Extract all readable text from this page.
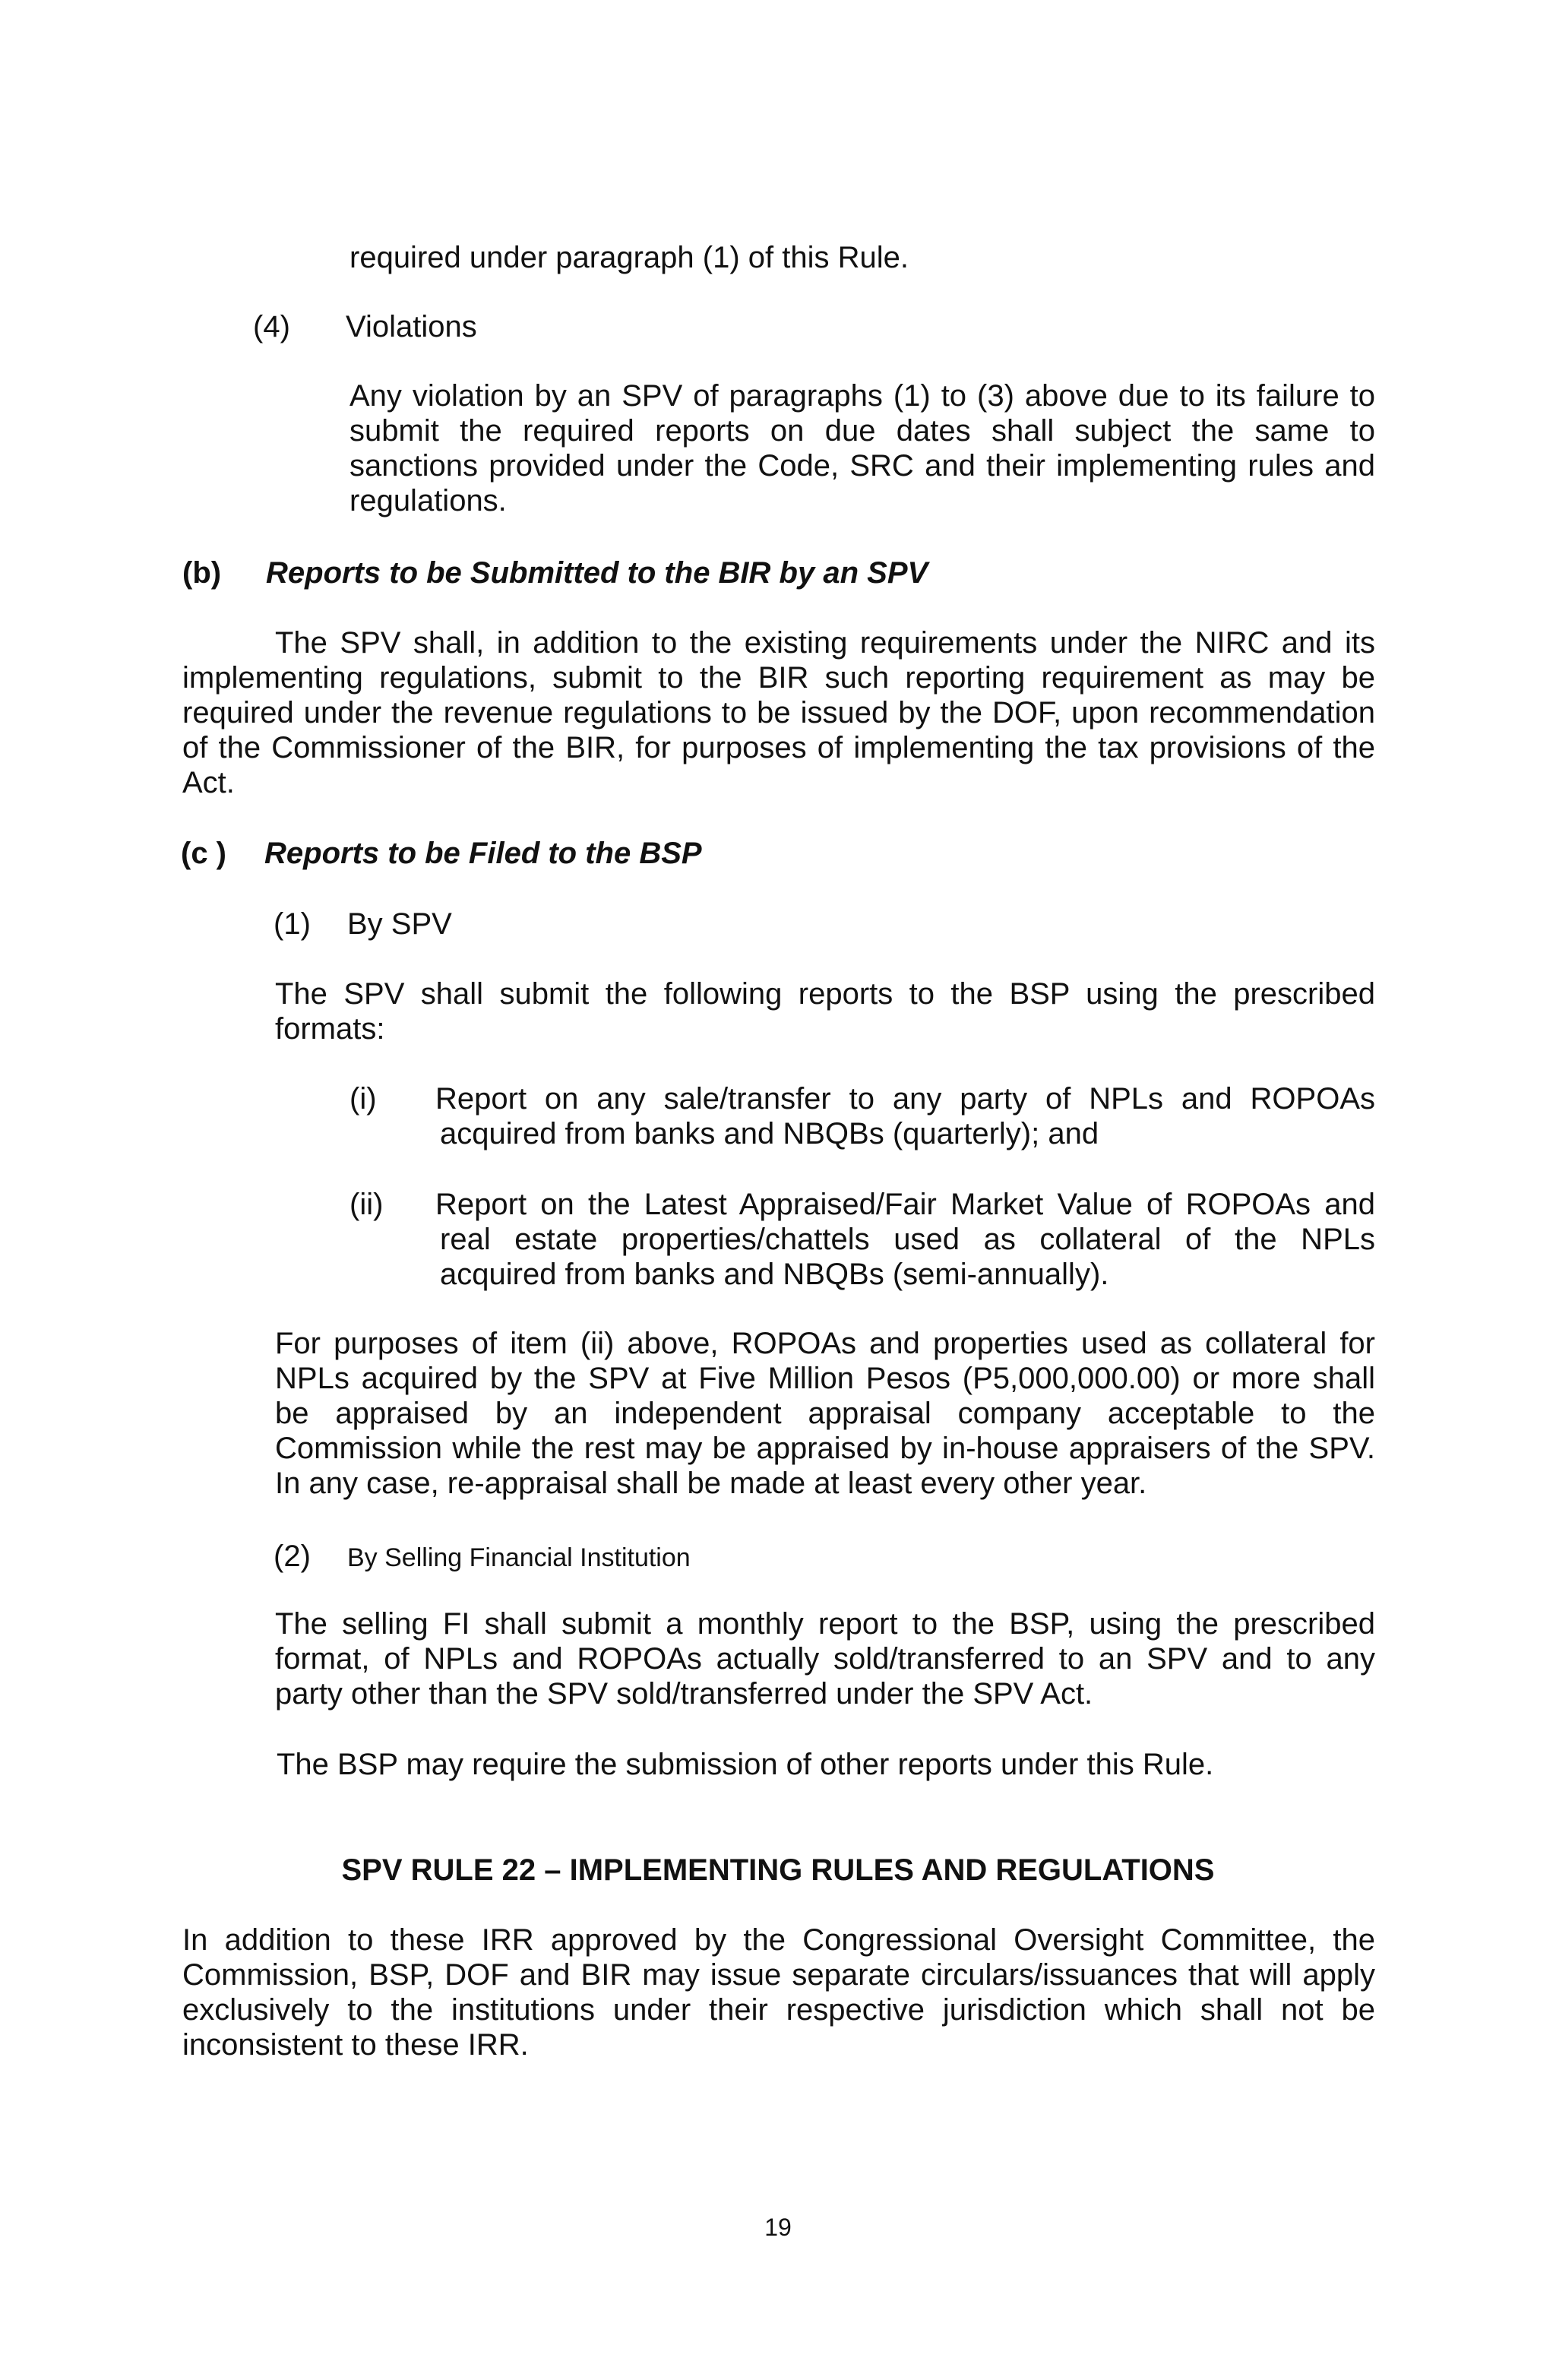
required under paragraph (1) of this Rule.
(4) Violations
Any violation by an SPV of paragraphs (1) to (3) above due to its failure to
submit the required reports on due dates shall subject the same to
sanctions provided under the Code, SRC and their implementing rules and
regulations.
(b) Reports to be Submitted to the BIR by an SPV
The SPV shall, in addition to the existing requirements under the NIRC and its
implementing regulations, submit to the BIR such reporting requirement as may be
required under the revenue regulations to be issued by the DOF, upon recommendation
of the Commissioner of the BIR, for purposes of implementing the tax provisions of the
Act.
(c ) Reports to be Filed to the BSP
(1) By SPV
The SPV shall submit the following reports to the BSP using the prescribed
formats:
(i) Report on any sale/transfer to any party of NPLs and ROPOAs
acquired from banks and NBQBs (quarterly); and
(ii) Report on the Latest Appraised/Fair Market Value of ROPOAs and
real estate properties/chattels used as collateral of the NPLs
acquired from banks and NBQBs (semi-annually).
For purposes of item (ii) above, ROPOAs and properties used as collateral for
NPLs acquired by the SPV at Five Million Pesos (P5,000,000.00) or more shall
be appraised by an independent appraisal company acceptable to the
Commission while the rest may be appraised by in-house appraisers of the SPV.
In any case, re-appraisal shall be made at least every other year.
(2) By Selling Financial Institution
The selling FI shall submit a monthly report to the BSP, using the prescribed
format, of NPLs and ROPOAs actually sold/transferred to an SPV and to any
party other than the SPV sold/transferred under the SPV Act.
The BSP may require the submission of other reports under this Rule.
SPV RULE 22 – IMPLEMENTING RULES AND REGULATIONS
In addition to these IRR approved by the Congressional Oversight Committee, the
Commission, BSP, DOF and BIR may issue separate circulars/issuances that will apply
exclusively to the institutions under their respective jurisdiction which shall not be
inconsistent to these IRR.
19
